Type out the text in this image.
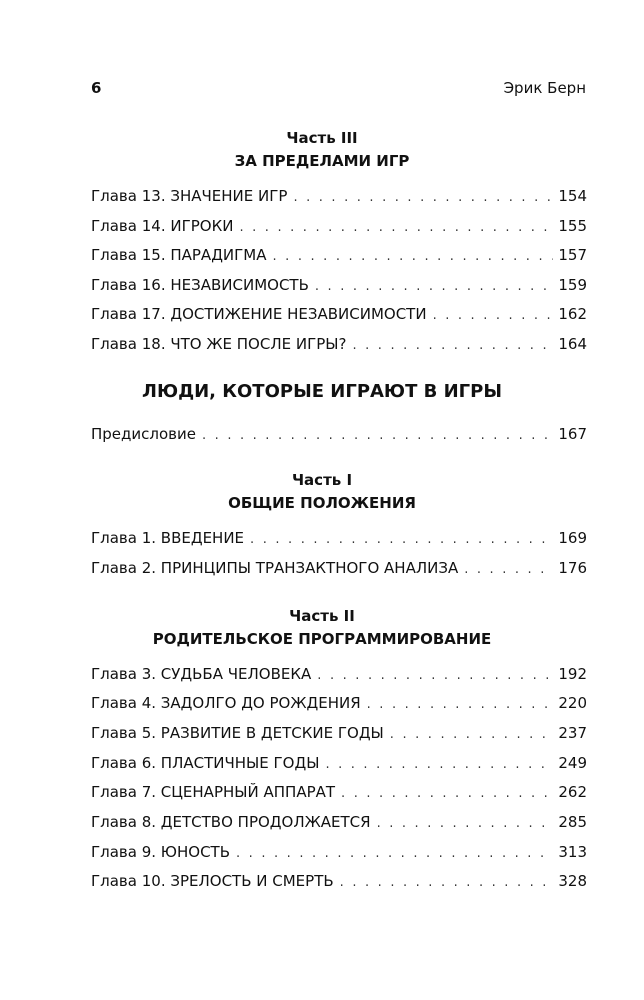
6	Эрик Берн
Часть III
ЗА ПРЕДЕЛАМИ ИГР
Глава 13. ЗНАЧЕНИЕ ИГР . . .	154
Глава 14. ИГРОКИ . . .	155
Глава 15. ПАРАДИГМА . . .	157
Глава 16. НЕЗАВИСИМОСТЬ . . .	159
Глава 17. ДОСТИЖЕНИЕ НЕЗАВИСИМОСТИ . . .	162
Глава 18. ЧТО ЖЕ ПОСЛЕ ИГРЫ? . . .	164
ЛЮДИ, КОТОРЫЕ ИГРАЮТ В ИГРЫ
Предисловие . . .	167
Часть I
ОБЩИЕ ПОЛОЖЕНИЯ
Глава 1. ВВЕДЕНИЕ . . .	169
Глава 2. ПРИНЦИПЫ ТРАНЗАКТНОГО АНАЛИЗА . . .	176
Часть II
РОДИТЕЛЬСКОЕ ПРОГРАММИРОВАНИЕ
Глава 3. СУДЬБА ЧЕЛОВЕКА . . .	192
Глава 4. ЗАДОЛГО ДО РОЖДЕНИЯ . . .	220
Глава 5. РАЗВИТИЕ В ДЕТСКИЕ ГОДЫ . . .	237
Глава 6. ПЛАСТИЧНЫЕ ГОДЫ . . .	249
Глава 7. СЦЕНАРНЫЙ АППАРАТ . . .	262
Глава 8. ДЕТСТВО ПРОДОЛЖАЕТСЯ . . .	285
Глава 9. ЮНОСТЬ . . .	313
Глава 10. ЗРЕЛОСТЬ И СМЕРТЬ . . .	328
